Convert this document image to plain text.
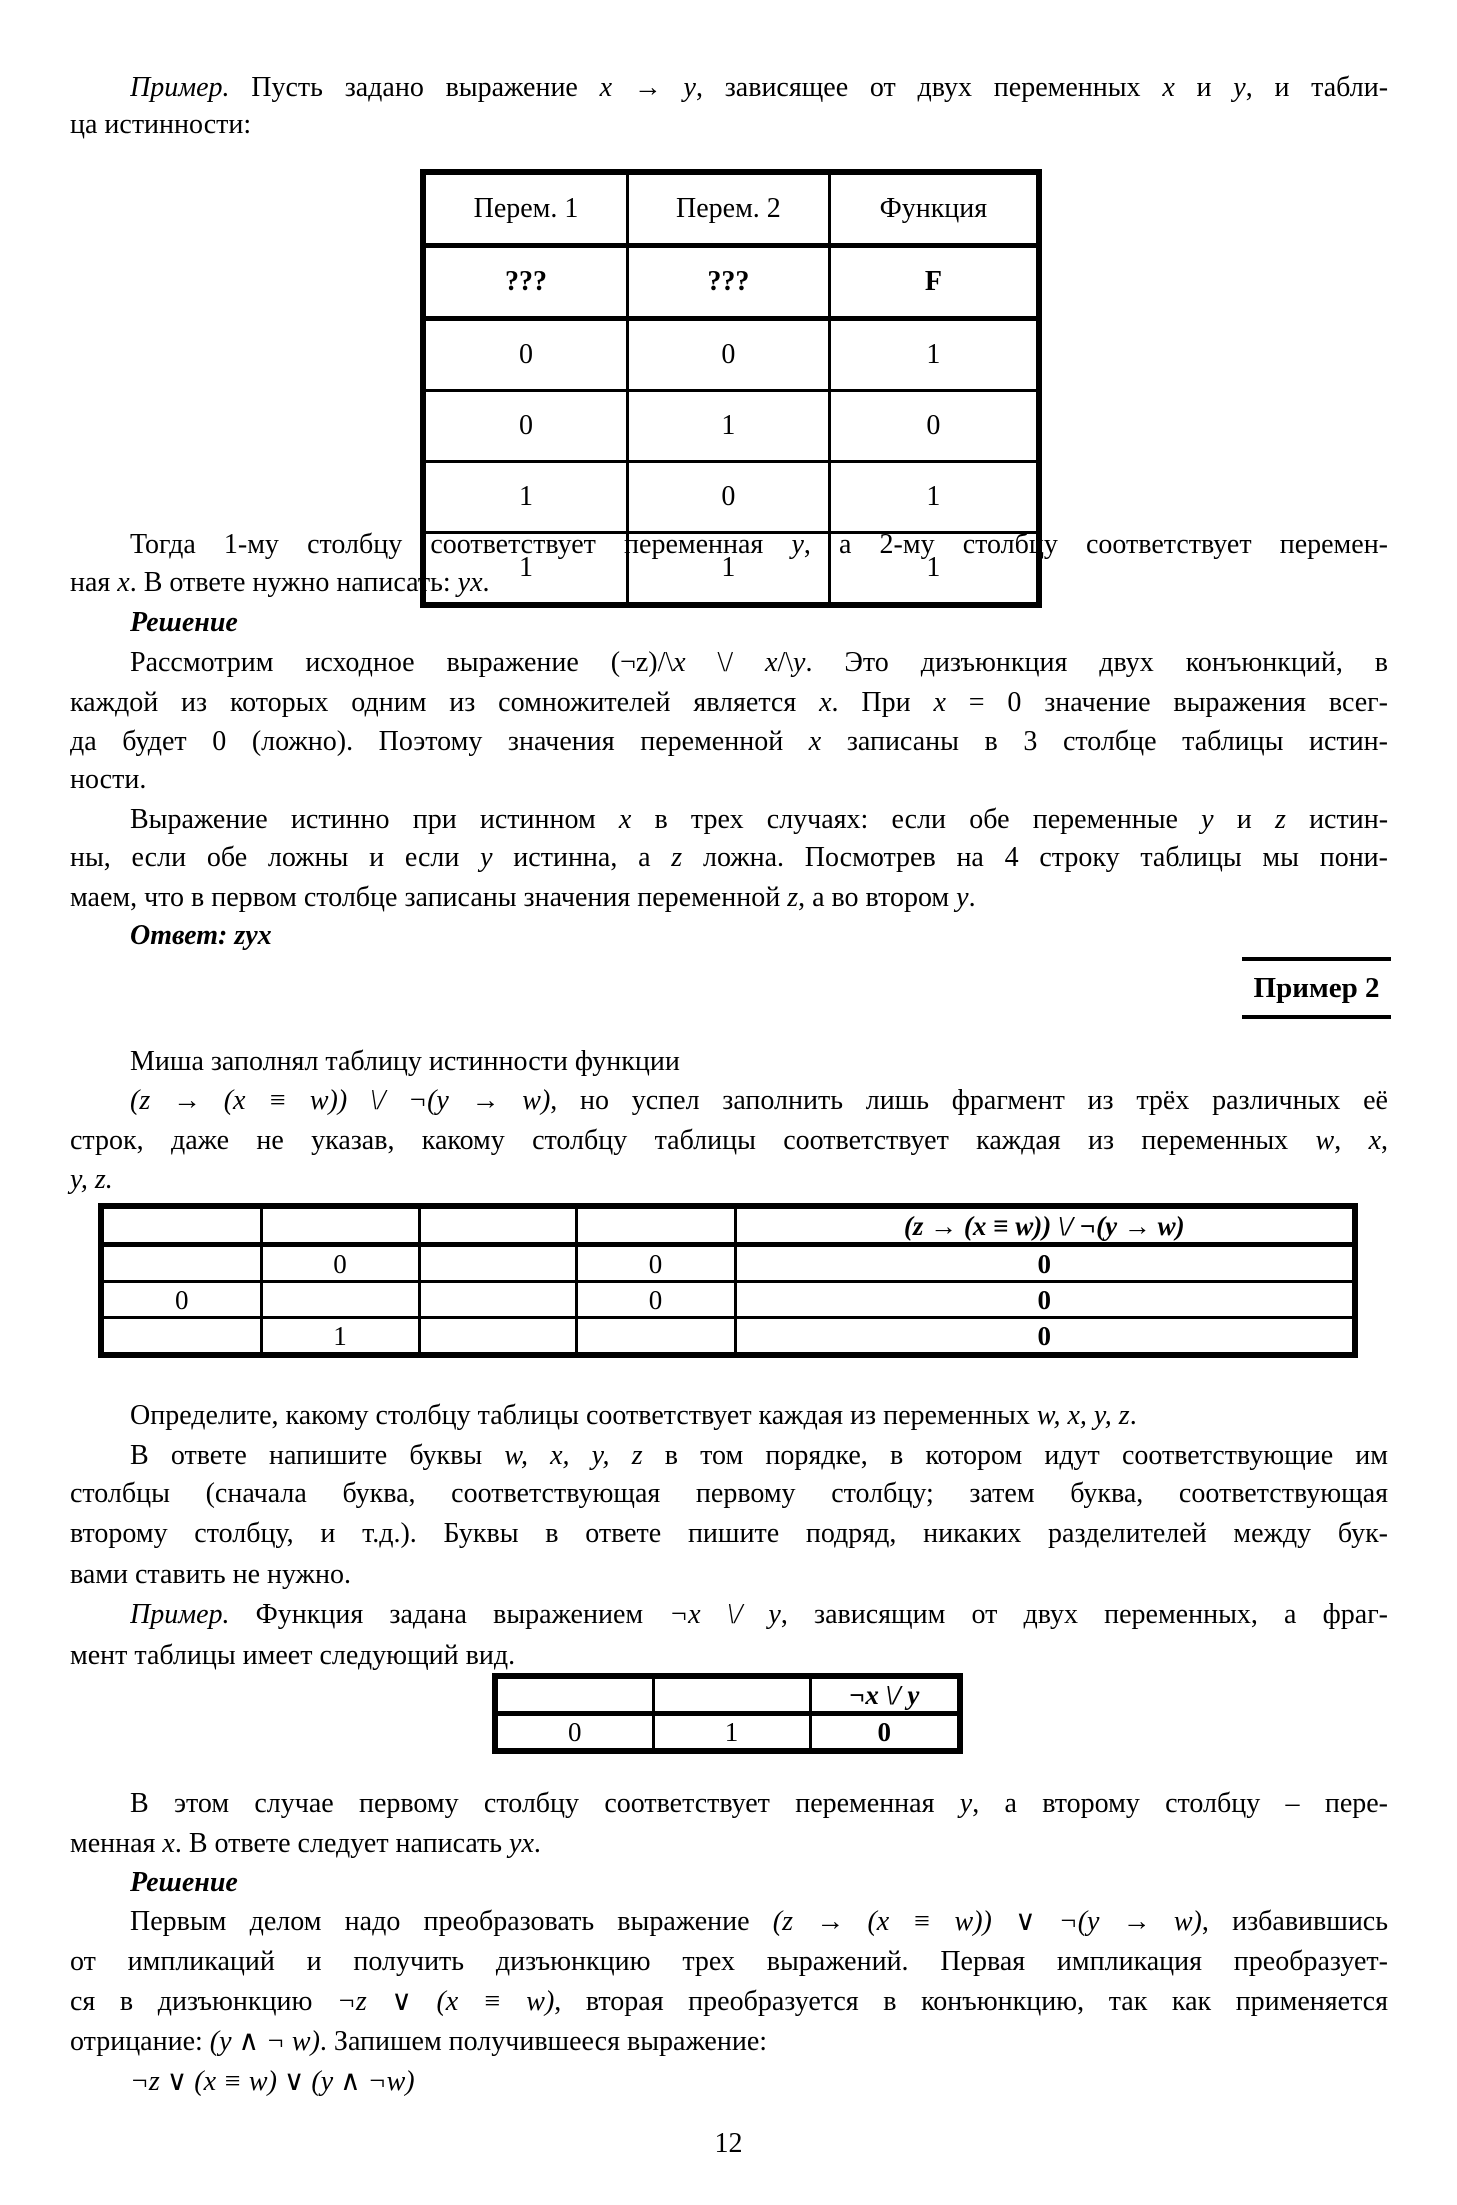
Пример. Пусть задано выражение x → y, зависящее от двух переменных x и y, и табли-
ца истинности:
Перем. 1	Перем. 2	Функция
???	???	F
0	0	1
0	1	0
1	0	1
1	1	1
Тогда 1-му столбцу соответствует переменная y, а 2-му столбцу соответствует перемен-
ная x. В ответе нужно написать: yx.
Решение
Рассмотрим исходное выражение (¬z)/\x \/ x/\y. Это дизъюнкция двух конъюнкций, в
каждой из которых одним из сомножителей является x. При x = 0 значение выражения всег-
да будет 0 (ложно). Поэтому значения переменной x записаны в 3 столбце таблицы истин-
ности.
Выражение истинно при истинном x в трех случаях: если обе переменные y и z истин-
ны, если обе ложны и если y истинна, а z ложна. Посмотрев на 4 строку таблицы мы пони-
маем, что в первом столбце записаны значения переменной z, а во втором y.
Ответ: zyx
Пример 2
Миша заполнял таблицу истинности функции
(z → (x ≡ w)) \/ ¬(y → w), но успел заполнить лишь фрагмент из трёх различных её
строк, даже не указав, какому столбцу таблицы соответствует каждая из переменных w, x,
y, z.
				(z → (x ≡ w)) \/ ¬(y → w)
	0		0	0
0			0	0
	1			0
Определите, какому столбцу таблицы соответствует каждая из переменных w, x, y, z.
В ответе напишите буквы w, x, y, z в том порядке, в котором идут соответствующие им
столбцы (сначала буква, соответствующая первому столбцу; затем буква, соответствующая
второму столбцу, и т.д.). Буквы в ответе пишите подряд, никаких разделителей между бук-
вами ставить не нужно.
Пример. Функция задана выражением ¬x \/ y, зависящим от двух переменных, а фраг-
мент таблицы имеет следующий вид.
		¬x \/ y
0	1	0
В этом случае первому столбцу соответствует переменная y, а второму столбцу – пере-
менная x. В ответе следует написать yx.
Решение
Первым делом надо преобразовать выражение (z → (x ≡ w)) ∨ ¬(y → w), избавившись
от импликаций и получить дизъюнкцию трех выражений. Первая импликация преобразует-
ся в дизъюнкцию ¬z ∨ (x ≡ w), вторая преобразуется в конъюнкцию, так как применяется
отрицание: (y ∧ ¬ w). Запишем получившееся выражение:
¬z ∨ (x ≡ w) ∨ (y ∧ ¬w)
12
